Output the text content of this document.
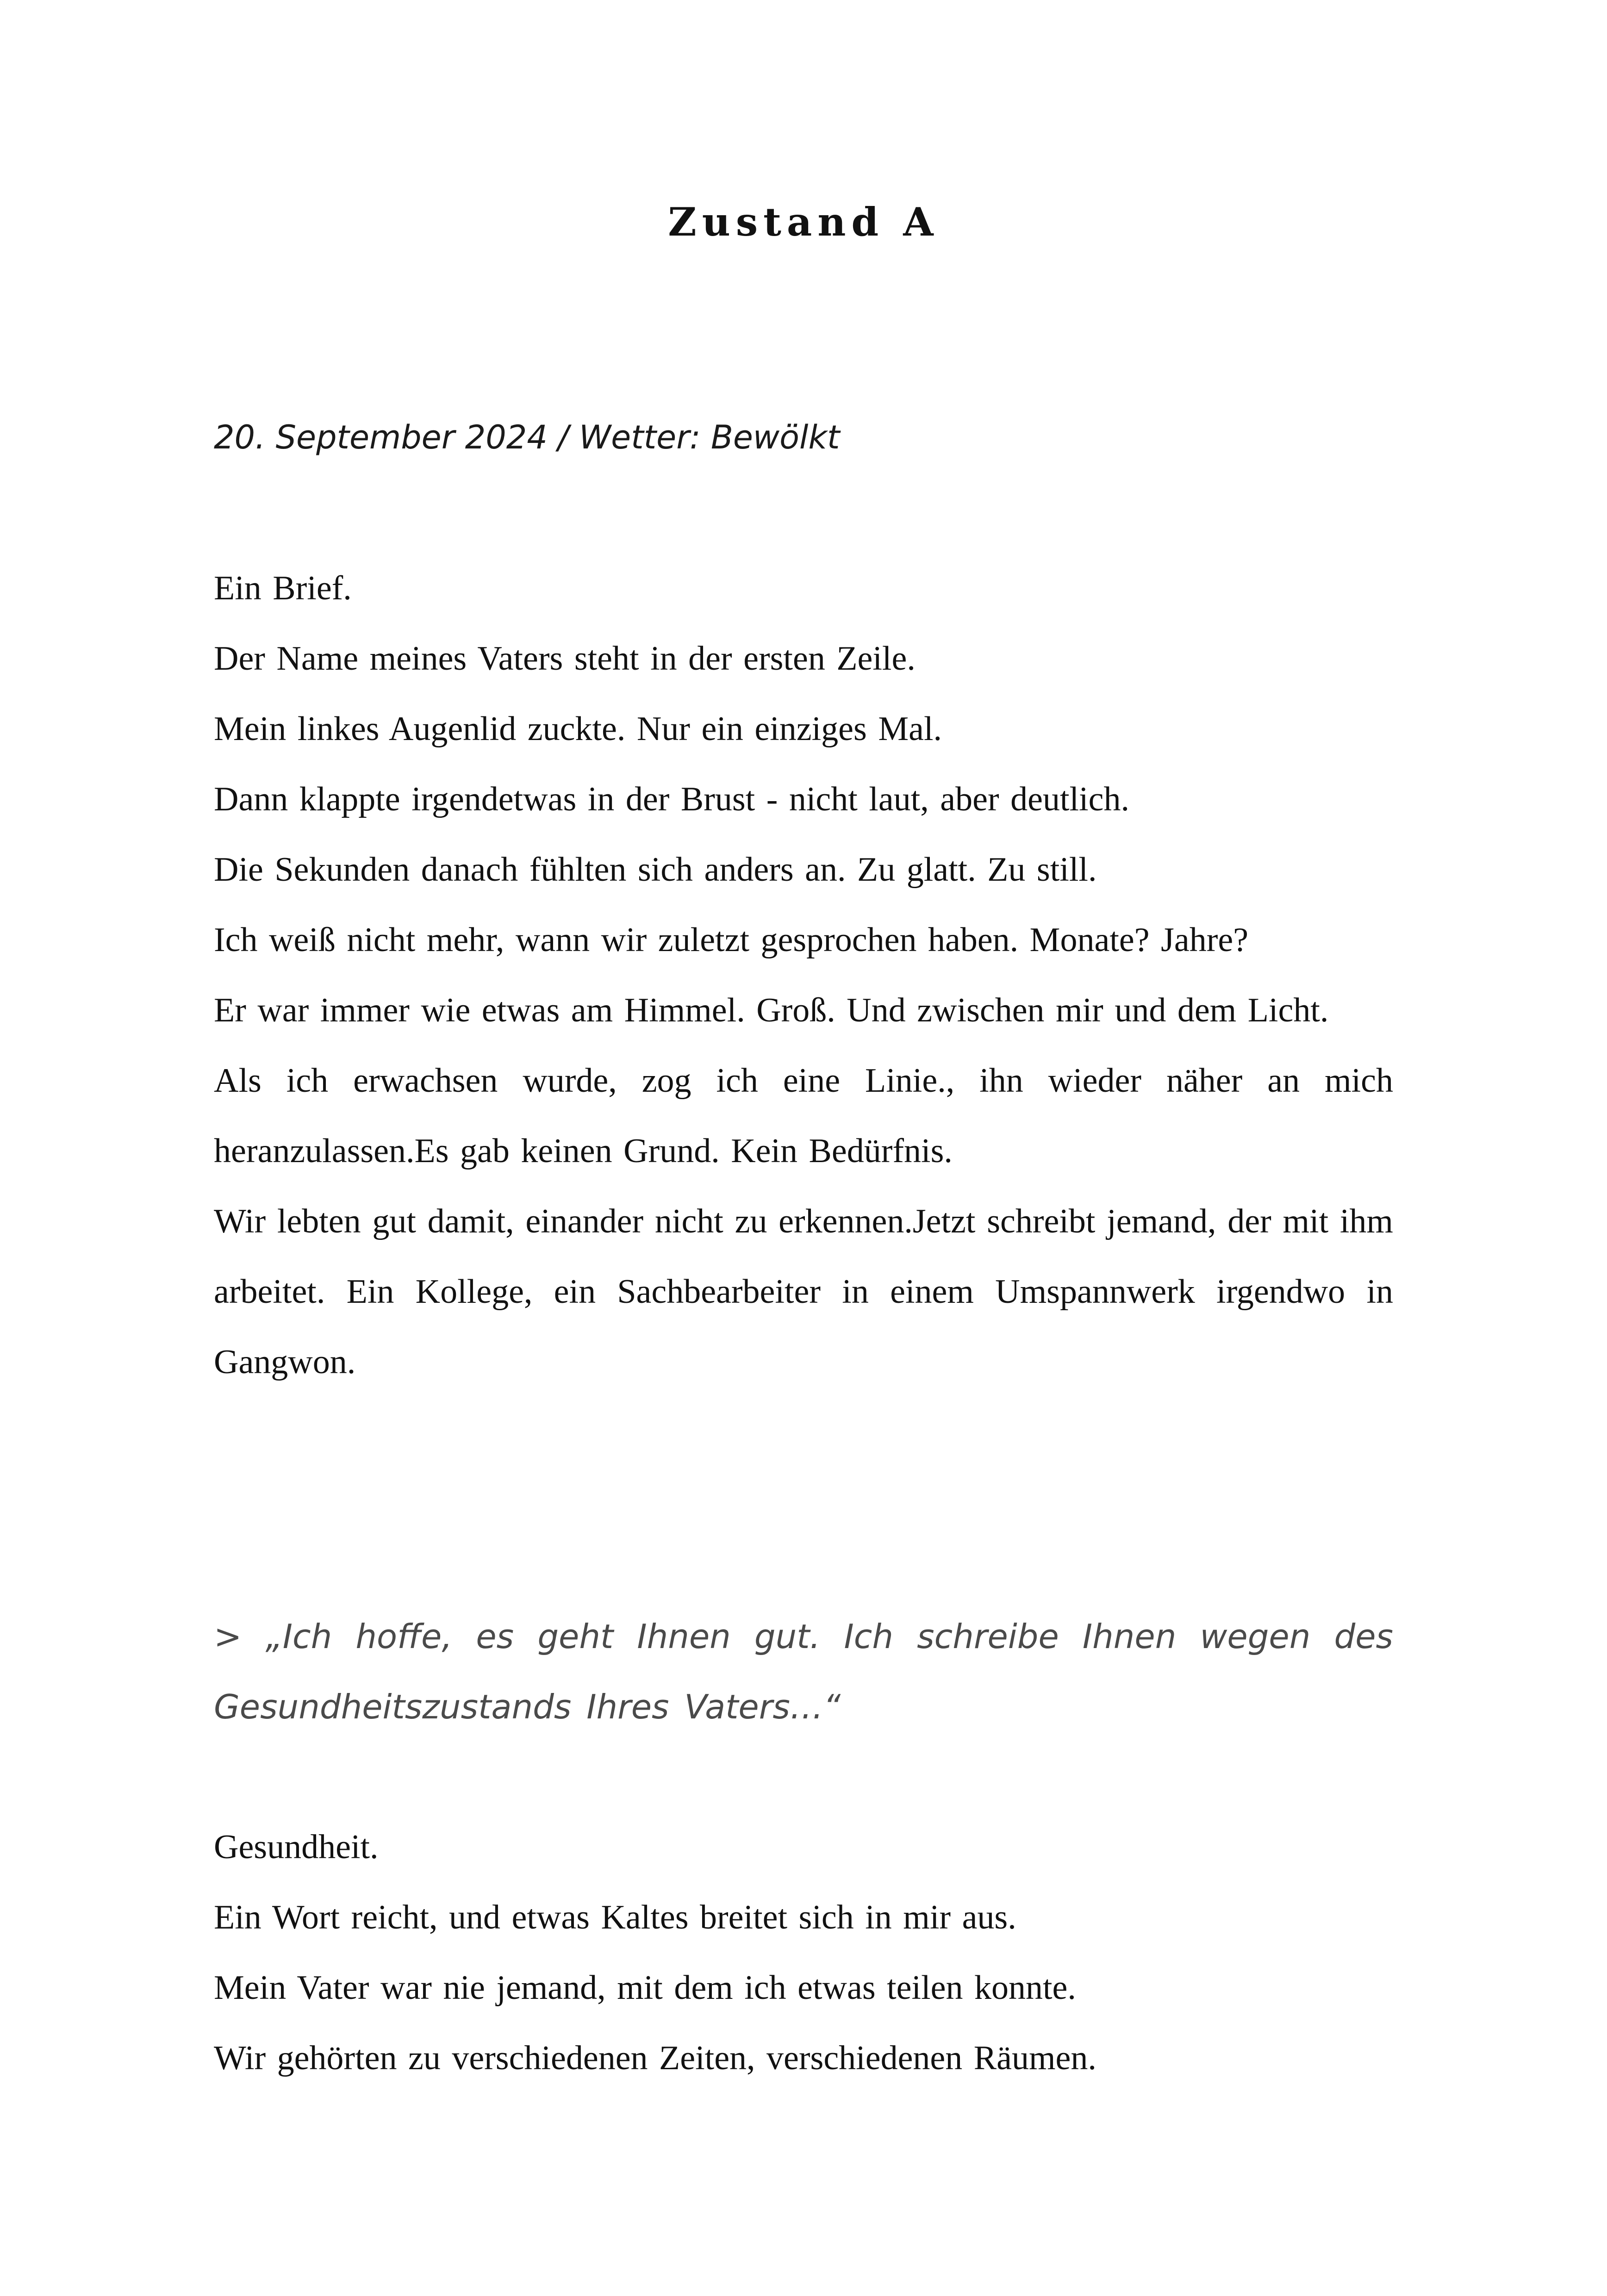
Zustand A
20. September 2024 / Wetter: Bewölkt

Ein Brief.

Der Name meines Vaters steht in der ersten Zeile.

Mein linkes Augenlid zuckte. Nur ein einziges Mal.

Dann klappte irgendetwas in der Brust - nicht laut, aber deutlich.

Die Sekunden danach fühlten sich anders an. Zu glatt. Zu still.

Ich weiß nicht mehr, wann wir zuletzt gesprochen haben. Monate? Jahre?

Er war immer wie etwas am Himmel. Groß. Und zwischen mir und dem Licht.

Als ich erwachsen wurde, zog ich eine Linie., ihn wieder näher an mich heranzulassen.Es gab keinen Grund. Kein Bedürfnis.

Wir lebten gut damit, einander nicht zu erkennen.Jetzt schreibt jemand, der mit ihm arbeitet. Ein Kollege, ein Sachbearbeiter in einem Umspannwerk irgendwo in Gangwon.

> „Ich hoffe, es geht Ihnen gut. Ich schreibe Ihnen wegen des Gesundheitszustands Ihres Vaters…“

Gesundheit.

Ein Wort reicht, und etwas Kaltes breitet sich in mir aus.

Mein Vater war nie jemand, mit dem ich etwas teilen konnte.

Wir gehörten zu verschiedenen Zeiten, verschiedenen Räumen.
